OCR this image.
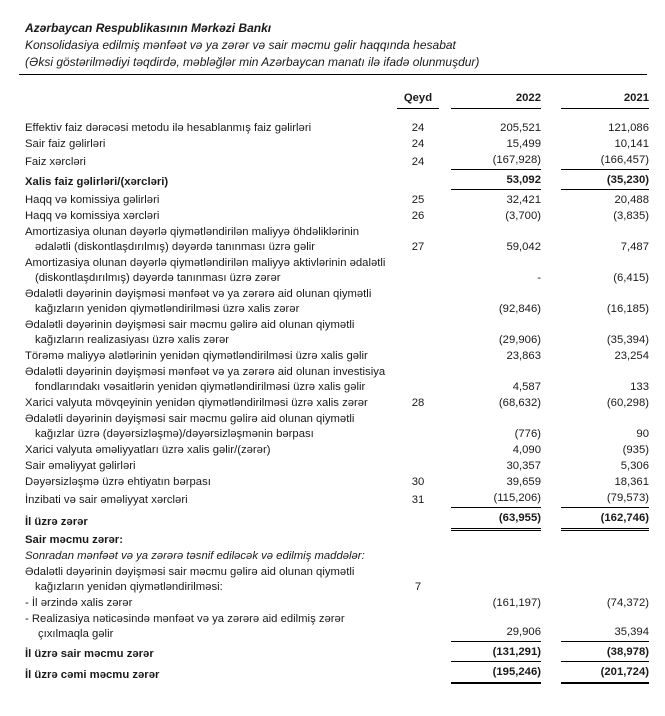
Azərbaycan Respublikasının Mərkəzi Bankı
Konsolidasiya edilmiş mənfəət və ya zərər və sair məcmu gəlir haqqında hesabat
(Əksi göstərilmədiyi təqdirdə, məbləğlər min Azərbaycan manatı ilə ifadə olunmuşdur)
	Qeyd		2022		2021

Effektiv faiz dərəcəsi metodu ilə hesablanmış faiz gəlirləri	24		205,521		121,086

Sair faiz gəlirləri	24		15,499		10,141

Faiz xərcləri	24		(167,928)		(166,457)

Xalis faiz gəlirləri/(xərcləri)			53,092		(35,230)

Haqq və komissiya gəlirləri	25		32,421		20,488

Haqq və komissiya xərcləri	26		(3,700)		(3,835)

Amortizasiya olunan dəyərlə qiymətləndirilən maliyyə öhdəliklərinin ədalətli (diskontlaşdırılmış) dəyərdə tanınması üzrə gəlir	27		59,042		7,487

Amortizasiya olunan dəyərlə qiymətləndirilən maliyyə aktivlərinin ədalətli (diskontlaşdırılmış) dəyərdə tanınması üzrə zərər			-		(6,415)

Ədalətli dəyərinin dəyişməsi mənfəət və ya zərərə aid olunan qiymətli kağızların yenidən qiymətləndirilməsi üzrə xalis zərər			(92,846)		(16,185)

Ədalətli dəyərinin dəyişməsi sair məcmu gəlirə aid olunan qiymətli kağızların realizasiyası üzrə xalis zərər			(29,906)		(35,394)

Törəmə maliyyə alətlərinin yenidən qiymətləndirilməsi üzrə xalis gəlir			23,863		23,254

Ədalətli dəyərinin dəyişməsi mənfəət və ya zərərə aid olunan investisiya fondlarındakı vəsaitlərin yenidən qiymətləndirilməsi üzrə xalis gəlir			4,587		133

Xarici valyuta mövqeyinin yenidən qiymətləndirilməsi üzrə xalis zərər	28		(68,632)		(60,298)

Ədalətli dəyərinin dəyişməsi sair məcmu gəlirə aid olunan qiymətli kağızlar üzrə (dəyərsizləşmə)/dəyərsizləşmənin bərpası			(776)		90

Xarici valyuta əməliyyatları üzrə xalis gəlir/(zərər)			4,090		(935)

Sair əməliyyat gəlirləri			30,357		5,306

Dəyərsizləşmə üzrə ehtiyatın bərpası	30		39,659		18,361

İnzibati və sair əməliyyat xərcləri	31		(115,206)		(79,573)

İl üzrə zərər			(63,955)		(162,746)

Sair məcmu zərər:					

Sonradan mənfəət və ya zərərə təsnif ediləcək və edilmiş maddələr:					

Ədalətli dəyərinin dəyişməsi sair məcmu gəlirə aid olunan qiymətli kağızların yenidən qiymətləndirilməsi:	7				

- İl ərzində xalis zərər			(161,197)		(74,372)

- Realizasiya nəticəsində mənfəət və ya zərərə aid edilmiş zərər çıxılmaqla gəlir			29,906		35,394

İl üzrə sair məcmu zərər			(131,291)		(38,978)

İl üzrə cəmi məcmu zərər			(195,246)		(201,724)
